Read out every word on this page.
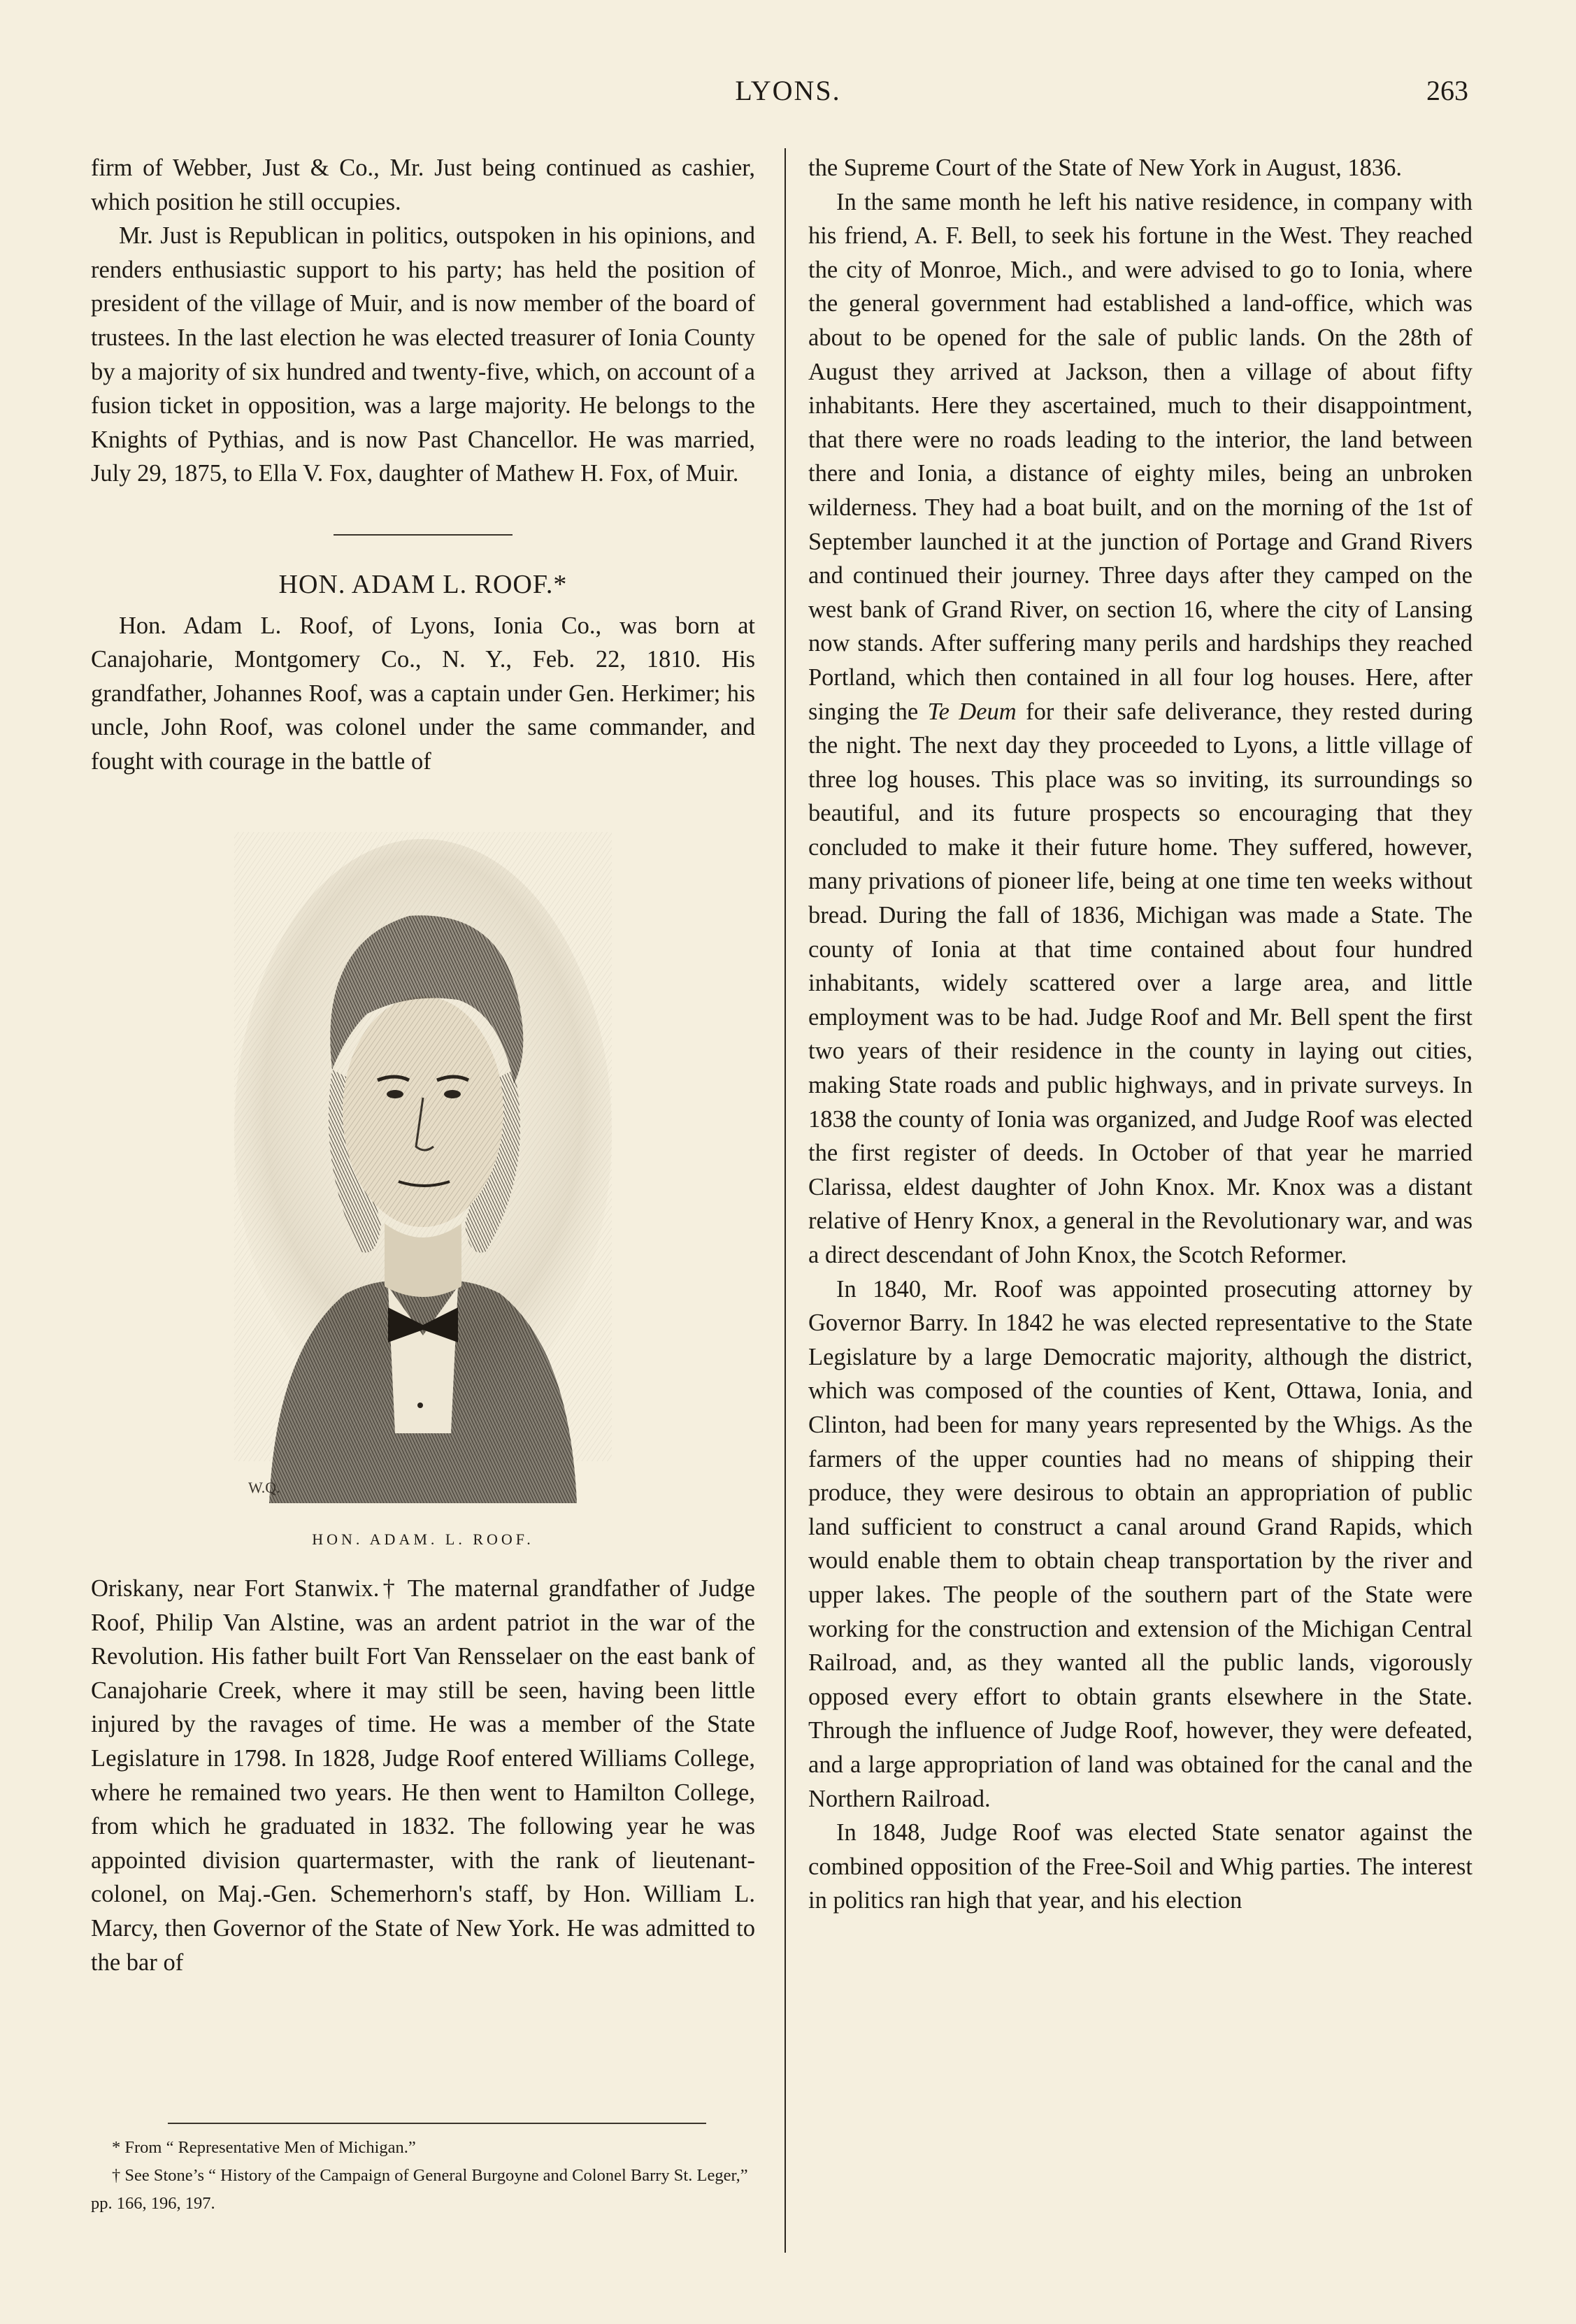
LYONS.	263

firm of Webber, Just & Co., Mr. Just being continued as cashier, which position he still occupies.

Mr. Just is Republican in politics, outspoken in his opinions, and renders enthusiastic support to his party; has held the position of president of the village of Muir, and is now member of the board of trustees. In the last election he was elected treasurer of Ionia County by a majority of six hundred and twenty-five, which, on account of a fusion ticket in opposition, was a large majority. He belongs to the Knights of Pythias, and is now Past Chancellor. He was married, July 29, 1875, to Ella V. Fox, daughter of Mathew H. Fox, of Muir.

HON. ADAM L. ROOF.*

Hon. Adam L. Roof, of Lyons, Ionia Co., was born at Canajoharie, Montgomery Co., N. Y., Feb. 22, 1810. His grandfather, Johannes Roof, was a captain under Gen. Herkimer; his uncle, John Roof, was colonel under the same commander, and fought with courage in the battle of

W.Q.
HON. ADAM. L. ROOF.

Oriskany, near Fort Stanwix.† The maternal grandfather of Judge Roof, Philip Van Alstine, was an ardent patriot in the war of the Revolution. His father built Fort Van Rensselaer on the east bank of Canajoharie Creek, where it may still be seen, having been little injured by the ravages of time. He was a member of the State Legislature in 1798. In 1828, Judge Roof entered Williams College, where he remained two years. He then went to Hamilton College, from which he graduated in 1832. The following year he was appointed division quartermaster, with the rank of lieutenant-colonel, on Maj.-Gen. Schemerhorn's staff, by Hon. William L. Marcy, then Governor of the State of New York. He was admitted to the bar of

the Supreme Court of the State of New York in August, 1836.

In the same month he left his native residence, in company with his friend, A. F. Bell, to seek his fortune in the West. They reached the city of Monroe, Mich., and were advised to go to Ionia, where the general government had established a land-office, which was about to be opened for the sale of public lands. On the 28th of August they arrived at Jackson, then a village of about fifty inhabitants. Here they ascertained, much to their disappointment, that there were no roads leading to the interior, the land between there and Ionia, a distance of eighty miles, being an unbroken wilderness. They had a boat built, and on the morning of the 1st of September launched it at the junction of Portage and Grand Rivers and continued their journey. Three days after they camped on the west bank of Grand River, on section 16, where the city of Lansing now stands. After suffering many perils and hardships they reached Portland, which then contained in all four log houses. Here, after singing the Te Deum for their safe deliverance, they rested during the night. The next day they proceeded to Lyons, a little village of three log houses. This place was so inviting, its surroundings so beautiful, and its future prospects so encouraging that they concluded to make it their future home. They suffered, however, many privations of pioneer life, being at one time ten weeks without bread. During the fall of 1836, Michigan was made a State. The county of Ionia at that time contained about four hundred inhabitants, widely scattered over a large area, and little employment was to be had. Judge Roof and Mr. Bell spent the first two years of their residence in the county in laying out cities, making State roads and public highways, and in private surveys. In 1838 the county of Ionia was organized, and Judge Roof was elected the first register of deeds. In October of that year he married Clarissa, eldest daughter of John Knox. Mr. Knox was a distant relative of Henry Knox, a general in the Revolutionary war, and was a direct descendant of John Knox, the Scotch Reformer.

In 1840, Mr. Roof was appointed prosecuting attorney by Governor Barry. In 1842 he was elected representative to the State Legislature by a large Democratic majority, although the district, which was composed of the counties of Kent, Ottawa, Ionia, and Clinton, had been for many years represented by the Whigs. As the farmers of the upper counties had no means of shipping their produce, they were desirous to obtain an appropriation of public land sufficient to construct a canal around Grand Rapids, which would enable them to obtain cheap transportation by the river and upper lakes. The people of the southern part of the State were working for the construction and extension of the Michigan Central Railroad, and, as they wanted all the public lands, vigorously opposed every effort to obtain grants elsewhere in the State. Through the influence of Judge Roof, however, they were defeated, and a large appropriation of land was obtained for the canal and the Northern Railroad.

In 1848, Judge Roof was elected State senator against the combined opposition of the Free-Soil and Whig parties. The interest in politics ran high that year, and his election

* From “ Representative Men of Michigan.”

† See Stone’s “ History of the Campaign of General Burgoyne and Colonel Barry St. Leger,” pp. 166, 196, 197.
